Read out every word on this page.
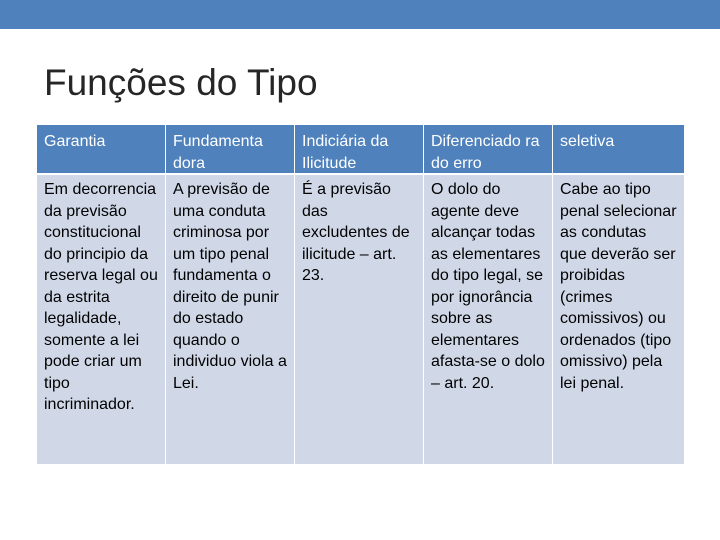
Funções do Tipo
Garantia	Fundamenta dora
Indiciária da Ilicitude
Diferenciado ra do erro
seletiva
Em decorrencia da previsão constitucional do principio da reserva legal ou da estrita legalidade, somente a lei pode criar um tipo incriminador.
A previsão de uma conduta criminosa por um tipo penal fundamenta o direito de punir do estado quando o individuo viola a Lei.
É a previsão das excludentes de ilicitude – art. 23.
O dolo do agente deve alcançar todas as elementares do tipo legal, se por ignorância sobre as elementares afasta-se o dolo – art. 20.
Cabe ao tipo penal selecionar as condutas que deverão ser proibidas (crimes comissivos) ou ordenados (tipo omissivo) pela lei penal.
